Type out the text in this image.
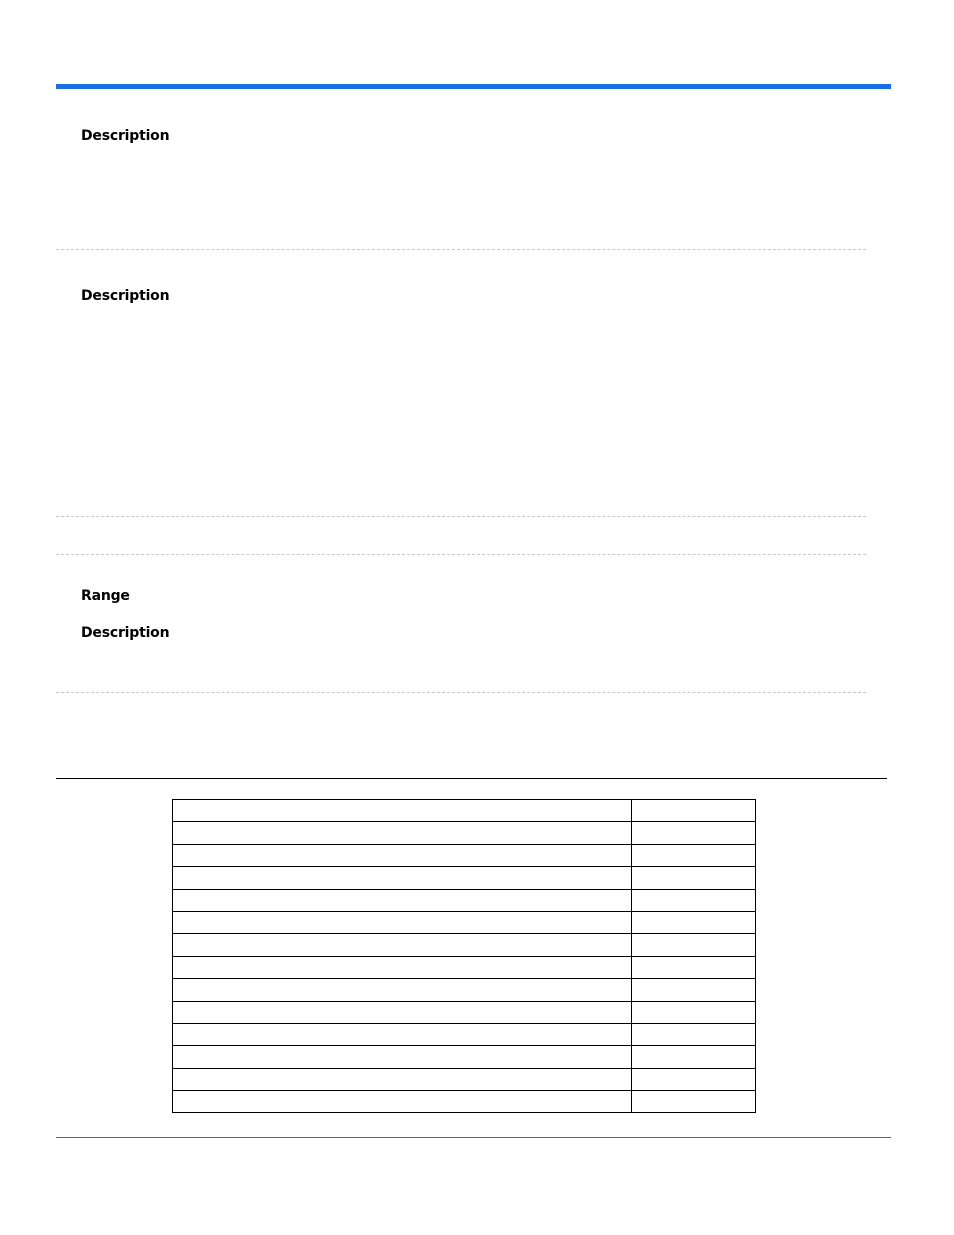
Description
Description
Range
Description
